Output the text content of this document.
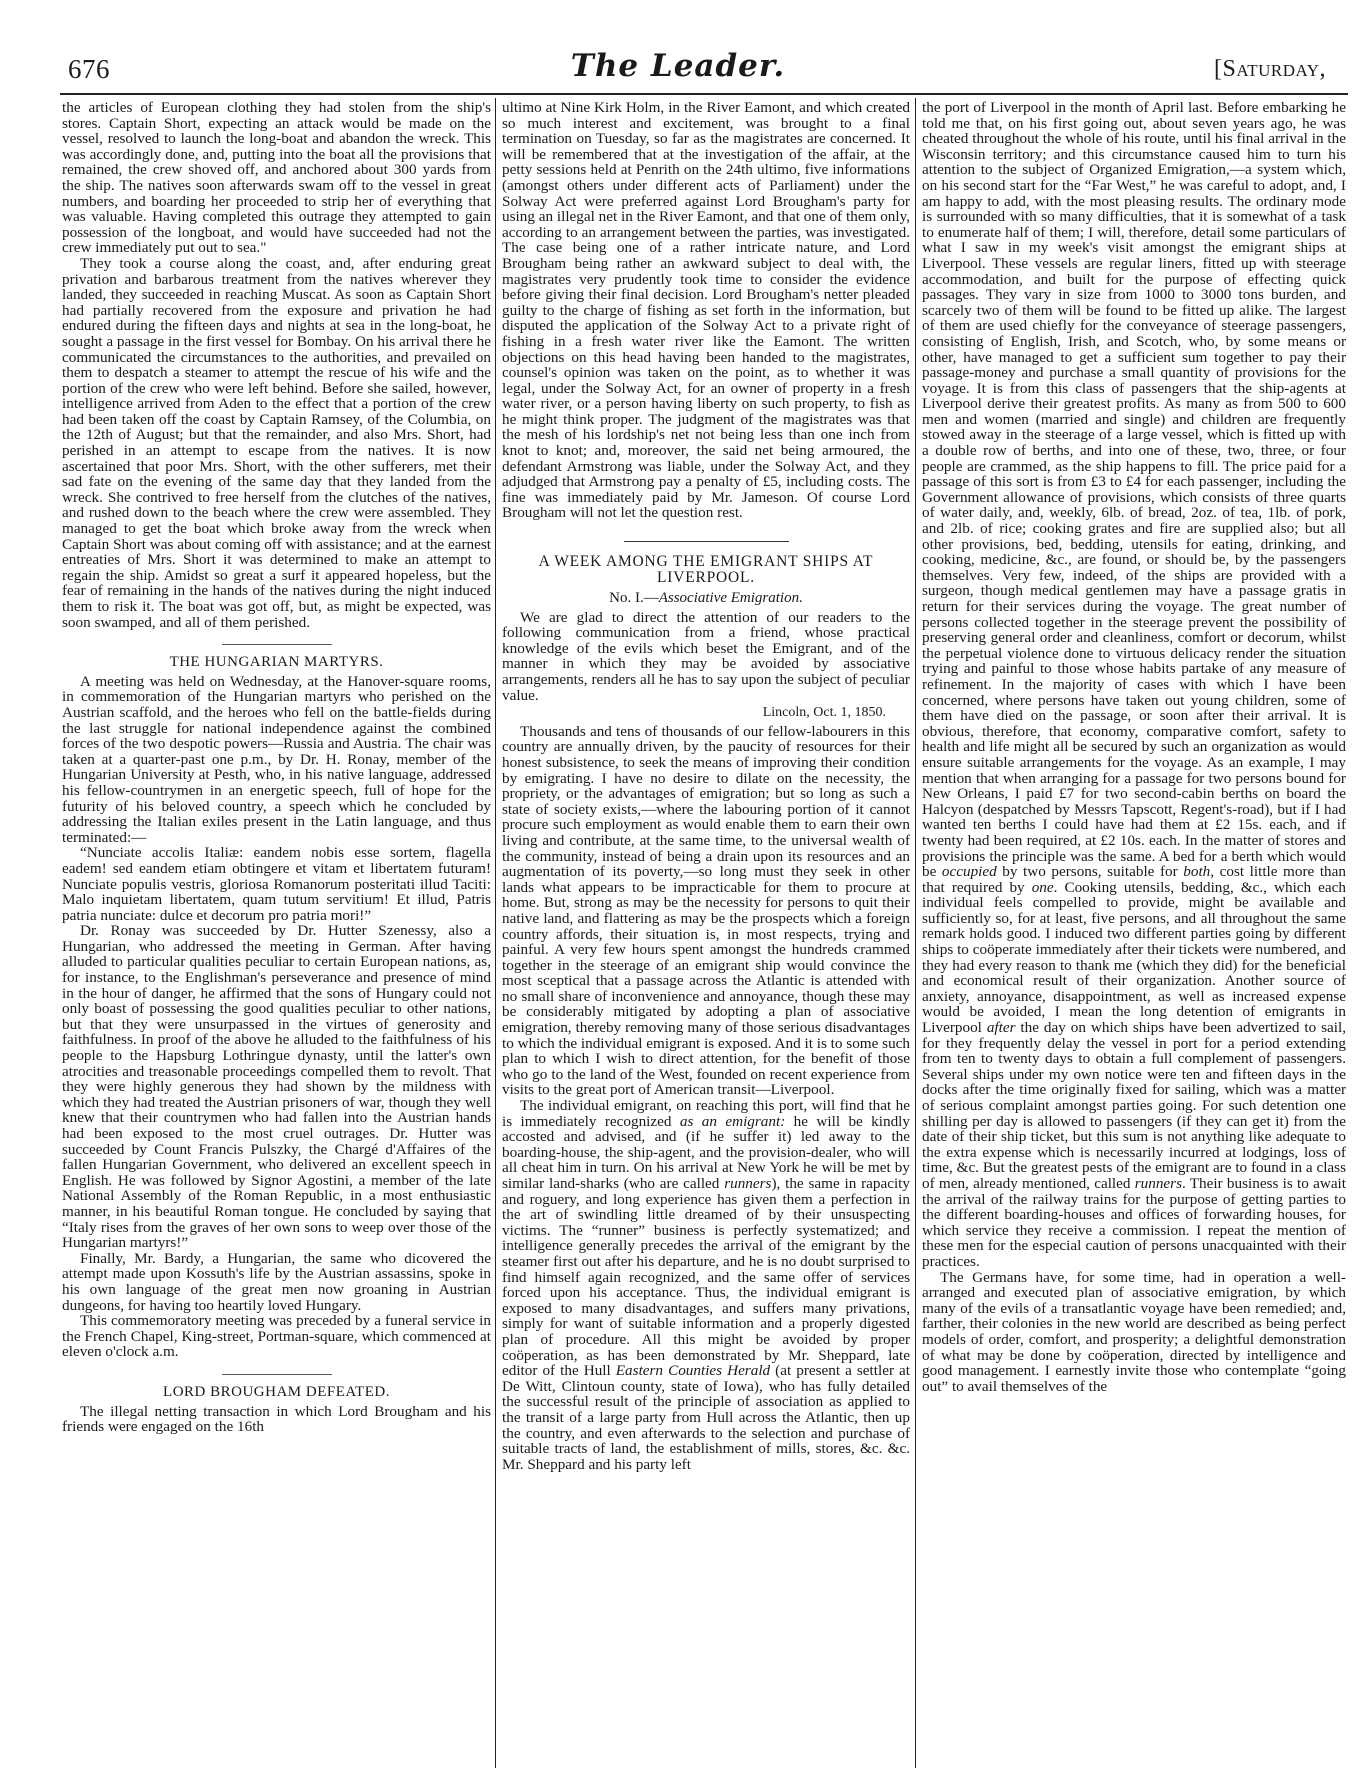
676	The Leader.	[Saturday,

the articles of European clothing they had stolen from the ship's stores. Captain Short, expecting an attack would be made on the vessel, resolved to launch the long-boat and abandon the wreck. This was accordingly done, and, putting into the boat all the provisions that remained, the crew shoved off, and anchored about 300 yards from the ship. The natives soon afterwards swam off to the vessel in great numbers, and boarding her proceeded to strip her of everything that was valuable. Having completed this outrage they attempted to gain possession of the longboat, and would have succeeded had not the crew immediately put out to sea."

They took a course along the coast, and, after enduring great privation and barbarous treatment from the natives wherever they landed, they succeeded in reaching Muscat. As soon as Captain Short had partially recovered from the exposure and privation he had endured during the fifteen days and nights at sea in the long-boat, he sought a passage in the first vessel for Bombay. On his arrival there he communicated the circumstances to the authorities, and prevailed on them to despatch a steamer to attempt the rescue of his wife and the portion of the crew who were left behind. Before she sailed, however, intelligence arrived from Aden to the effect that a portion of the crew had been taken off the coast by Captain Ramsey, of the Columbia, on the 12th of August; but that the remainder, and also Mrs. Short, had perished in an attempt to escape from the natives. It is now ascertained that poor Mrs. Short, with the other sufferers, met their sad fate on the evening of the same day that they landed from the wreck. She contrived to free herself from the clutches of the natives, and rushed down to the beach where the crew were assembled. They managed to get the boat which broke away from the wreck when Captain Short was about coming off with assistance; and at the earnest entreaties of Mrs. Short it was determined to make an attempt to regain the ship. Amidst so great a surf it appeared hopeless, but the fear of remaining in the hands of the natives during the night induced them to risk it. The boat was got off, but, as might be expected, was soon swamped, and all of them perished.

THE HUNGARIAN MARTYRS.

A meeting was held on Wednesday, at the Hanover-square rooms, in commemoration of the Hungarian martyrs who perished on the Austrian scaffold, and the heroes who fell on the battle-fields during the last struggle for national independence against the combined forces of the two despotic powers—Russia and Austria. The chair was taken at a quarter-past one p.m., by Dr. H. Ronay, member of the Hungarian University at Pesth, who, in his native language, addressed his fellow-countrymen in an energetic speech, full of hope for the futurity of his beloved country, a speech which he concluded by addressing the Italian exiles present in the Latin language, and thus terminated:—

“Nunciate accolis Italiæ: eandem nobis esse sortem, flagella eadem! sed eandem etiam obtingere et vitam et libertatem futuram! Nunciate populis vestris, gloriosa Romanorum posteritati illud Taciti: Malo inquietam libertatem, quam tutum servitium! Et illud, Patris patria nunciate: dulce et decorum pro patria mori!”

Dr. Ronay was succeeded by Dr. Hutter Szenessy, also a Hungarian, who addressed the meeting in German. After having alluded to particular qualities peculiar to certain European nations, as, for instance, to the Englishman's perseverance and presence of mind in the hour of danger, he affirmed that the sons of Hungary could not only boast of possessing the good qualities peculiar to other nations, but that they were unsurpassed in the virtues of generosity and faithfulness. In proof of the above he alluded to the faithfulness of his people to the Hapsburg Lothringue dynasty, until the latter's own atrocities and treasonable proceedings compelled them to revolt. That they were highly generous they had shown by the mildness with which they had treated the Austrian prisoners of war, though they well knew that their countrymen who had fallen into the Austrian hands had been exposed to the most cruel outrages. Dr. Hutter was succeeded by Count Francis Pulszky, the Chargé d'Affaires of the fallen Hungarian Government, who delivered an excellent speech in English. He was followed by Signor Agostini, a member of the late National Assembly of the Roman Republic, in a most enthusiastic manner, in his beautiful Roman tongue. He concluded by saying that “Italy rises from the graves of her own sons to weep over those of the Hungarian martyrs!”

Finally, Mr. Bardy, a Hungarian, the same who dicovered the attempt made upon Kossuth's life by the Austrian assassins, spoke in his own language of the great men now groaning in Austrian dungeons, for having too heartily loved Hungary.

This commemoratory meeting was preceded by a funeral service in the French Chapel, King-street, Portman-square, which commenced at eleven o'clock a.m.

LORD BROUGHAM DEFEATED.

The illegal netting transaction in which Lord Brougham and his friends were engaged on the 16th

ultimo at Nine Kirk Holm, in the River Eamont, and which created so much interest and excitement, was brought to a final termination on Tuesday, so far as the magistrates are concerned. It will be remembered that at the investigation of the affair, at the petty sessions held at Penrith on the 24th ultimo, five informations (amongst others under different acts of Parliament) under the Solway Act were preferred against Lord Brougham's party for using an illegal net in the River Eamont, and that one of them only, according to an arrangement between the parties, was investigated. The case being one of a rather intricate nature, and Lord Brougham being rather an awkward subject to deal with, the magistrates very prudently took time to consider the evidence before giving their final decision. Lord Brougham's netter pleaded guilty to the charge of fishing as set forth in the information, but disputed the application of the Solway Act to a private right of fishing in a fresh water river like the Eamont. The written objections on this head having been handed to the magistrates, counsel's opinion was taken on the point, as to whether it was legal, under the Solway Act, for an owner of property in a fresh water river, or a person having liberty on such property, to fish as he might think proper. The judgment of the magistrates was that the mesh of his lordship's net not being less than one inch from knot to knot; and, moreover, the said net being armoured, the defendant Armstrong was liable, under the Solway Act, and they adjudged that Armstrong pay a penalty of £5, including costs. The fine was immediately paid by Mr. Jameson. Of course Lord Brougham will not let the question rest.

A WEEK AMONG THE EMIGRANT SHIPS AT LIVERPOOL.
No. I.—Associative Emigration.

We are glad to direct the attention of our readers to the following communication from a friend, whose practical knowledge of the evils which beset the Emigrant, and of the manner in which they may be avoided by associative arrangements, renders all he has to say upon the subject of peculiar value.

Lincoln, Oct. 1, 1850.

Thousands and tens of thousands of our fellow-labourers in this country are annually driven, by the paucity of resources for their honest subsistence, to seek the means of improving their condition by emigrating. I have no desire to dilate on the necessity, the propriety, or the advantages of emigration; but so long as such a state of society exists,—where the labouring portion of it cannot procure such employment as would enable them to earn their own living and contribute, at the same time, to the universal wealth of the community, instead of being a drain upon its resources and an augmentation of its poverty,—so long must they seek in other lands what appears to be impracticable for them to procure at home. But, strong as may be the necessity for persons to quit their native land, and flattering as may be the prospects which a foreign country affords, their situation is, in most respects, trying and painful. A very few hours spent amongst the hundreds crammed together in the steerage of an emigrant ship would convince the most sceptical that a passage across the Atlantic is attended with no small share of inconvenience and annoyance, though these may be considerably mitigated by adopting a plan of associative emigration, thereby removing many of those serious disadvantages to which the individual emigrant is exposed. And it is to some such plan to which I wish to direct attention, for the benefit of those who go to the land of the West, founded on recent experience from visits to the great port of American transit—Liverpool.

The individual emigrant, on reaching this port, will find that he is immediately recognized as an emigrant: he will be kindly accosted and advised, and (if he suffer it) led away to the boarding-house, the ship-agent, and the provision-dealer, who will all cheat him in turn. On his arrival at New York he will be met by similar land-sharks (who are called runners), the same in rapacity and roguery, and long experience has given them a perfection in the art of swindling little dreamed of by their unsuspecting victims. The “runner” business is perfectly systematized; and intelligence generally precedes the arrival of the emigrant by the steamer first out after his departure, and he is no doubt surprised to find himself again recognized, and the same offer of services forced upon his acceptance. Thus, the individual emigrant is exposed to many disadvantages, and suffers many privations, simply for want of suitable information and a properly digested plan of procedure. All this might be avoided by proper coöperation, as has been demonstrated by Mr. Sheppard, late editor of the Hull Eastern Counties Herald (at present a settler at De Witt, Clintoun county, state of Iowa), who has fully detailed the successful result of the principle of association as applied to the transit of a large party from Hull across the Atlantic, then up the country, and even afterwards to the selection and purchase of suitable tracts of land, the establishment of mills, stores, &c. &c. Mr. Sheppard and his party left

the port of Liverpool in the month of April last. Before embarking he told me that, on his first going out, about seven years ago, he was cheated throughout the whole of his route, until his final arrival in the Wisconsin territory; and this circumstance caused him to turn his attention to the subject of Organized Emigration,—a system which, on his second start for the “Far West,” he was careful to adopt, and, I am happy to add, with the most pleasing results. The ordinary mode is surrounded with so many difficulties, that it is somewhat of a task to enumerate half of them; I will, therefore, detail some particulars of what I saw in my week's visit amongst the emigrant ships at Liverpool. These vessels are regular liners, fitted up with steerage accommodation, and built for the purpose of effecting quick passages. They vary in size from 1000 to 3000 tons burden, and scarcely two of them will be found to be fitted up alike. The largest of them are used chiefly for the conveyance of steerage passengers, consisting of English, Irish, and Scotch, who, by some means or other, have managed to get a sufficient sum together to pay their passage-money and purchase a small quantity of provisions for the voyage. It is from this class of passengers that the ship-agents at Liverpool derive their greatest profits. As many as from 500 to 600 men and women (married and single) and children are frequently stowed away in the steerage of a large vessel, which is fitted up with a double row of berths, and into one of these, two, three, or four people are crammed, as the ship happens to fill. The price paid for a passage of this sort is from £3 to £4 for each passenger, including the Government allowance of provisions, which consists of three quarts of water daily, and, weekly, 6lb. of bread, 2oz. of tea, 1lb. of pork, and 2lb. of rice; cooking grates and fire are supplied also; but all other provisions, bed, bedding, utensils for eating, drinking, and cooking, medicine, &c., are found, or should be, by the passengers themselves. Very few, indeed, of the ships are provided with a surgeon, though medical gentlemen may have a passage gratis in return for their services during the voyage. The great number of persons collected together in the steerage prevent the possibility of preserving general order and cleanliness, comfort or decorum, whilst the perpetual violence done to virtuous delicacy render the situation trying and painful to those whose habits partake of any measure of refinement. In the majority of cases with which I have been concerned, where persons have taken out young children, some of them have died on the passage, or soon after their arrival. It is obvious, therefore, that economy, comparative comfort, safety to health and life might all be secured by such an organization as would ensure suitable arrangements for the voyage. As an example, I may mention that when arranging for a passage for two persons bound for New Orleans, I paid £7 for two second-cabin berths on board the Halcyon (despatched by Messrs Tapscott, Regent's-road), but if I had wanted ten berths I could have had them at £2 15s. each, and if twenty had been required, at £2 10s. each. In the matter of stores and provisions the principle was the same. A bed for a berth which would be occupied by two persons, suitable for both, cost little more than that required by one. Cooking utensils, bedding, &c., which each individual feels compelled to provide, might be available and sufficiently so, for at least, five persons, and all throughout the same remark holds good. I induced two different parties going by different ships to coöperate immediately after their tickets were numbered, and they had every reason to thank me (which they did) for the beneficial and economical result of their organization. Another source of anxiety, annoyance, disappointment, as well as increased expense would be avoided, I mean the long detention of emigrants in Liverpool after the day on which ships have been advertized to sail, for they frequently delay the vessel in port for a period extending from ten to twenty days to obtain a full complement of passengers. Several ships under my own notice were ten and fifteen days in the docks after the time originally fixed for sailing, which was a matter of serious complaint amongst parties going. For such detention one shilling per day is allowed to passengers (if they can get it) from the date of their ship ticket, but this sum is not anything like adequate to the extra expense which is necessarily incurred at lodgings, loss of time, &c. But the greatest pests of the emigrant are to found in a class of men, already mentioned, called runners. Their business is to await the arrival of the railway trains for the purpose of getting parties to the different boarding-houses and offices of forwarding houses, for which service they receive a commission. I repeat the mention of these men for the especial caution of persons unacquainted with their practices.

The Germans have, for some time, had in operation a well-arranged and executed plan of associative emigration, by which many of the evils of a transatlantic voyage have been remedied; and, farther, their colonies in the new world are described as being perfect models of order, comfort, and prosperity; a delightful demonstration of what may be done by coöperation, directed by intelligence and good management. I earnestly invite those who contemplate “going out” to avail themselves of the
